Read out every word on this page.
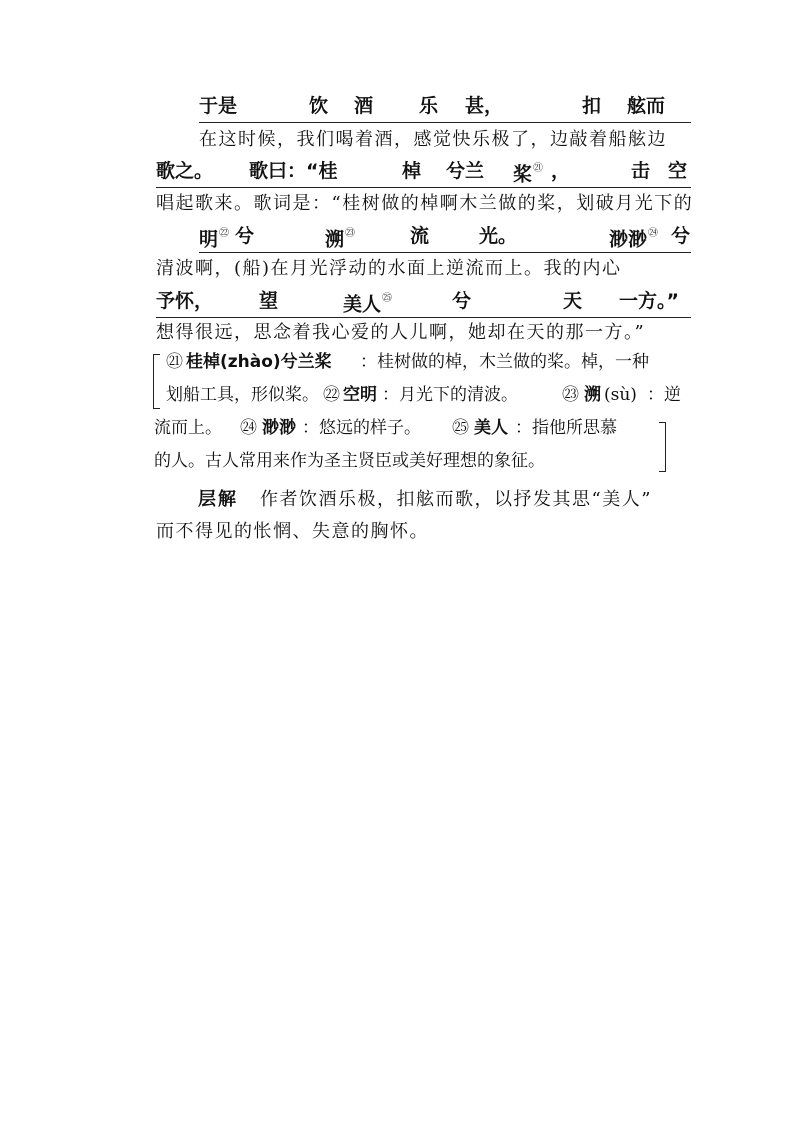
于是	饮 酒 乐 甚，	扣 舷而
在这时候，我们喝着酒，感觉快乐极了，边敲着船舷边
歌之。 歌曰：“桂	棹 兮兰 桨$^㉑$ ，	击 空
唱起歌来。歌词是：“桂树做的棹啊木兰做的桨，划破月光下的
明$^㉒$ 兮	溯$^㉓$	流	光。	渺渺$^㉔$ 兮
清波啊，(船)在月光浮动的水面上逆流而上。我的内心
予怀， 望	美人$^㉕$	兮	天 一方。”
想得很远，思念着我心爱的人儿啊，她却在天的那一方。”
㉑ 桂棹(zhào)兮兰桨 ：桂树做的棹，木兰做的桨。棹，一种
划船工具，形似桨。 ㉒ 空明 ：月光下的清波。	㉓ 溯 (sù) ：逆
流而上。 ㉔ 渺渺 ：悠远的样子。 ㉕ 美人 ：指他所思慕
的人。古人常用来作为圣主贤臣或美好理想的象征。
层解 作者饮酒乐极，扣舷而歌，以抒发其思“美人”
而不得见的怅惘、失意的胸怀。
